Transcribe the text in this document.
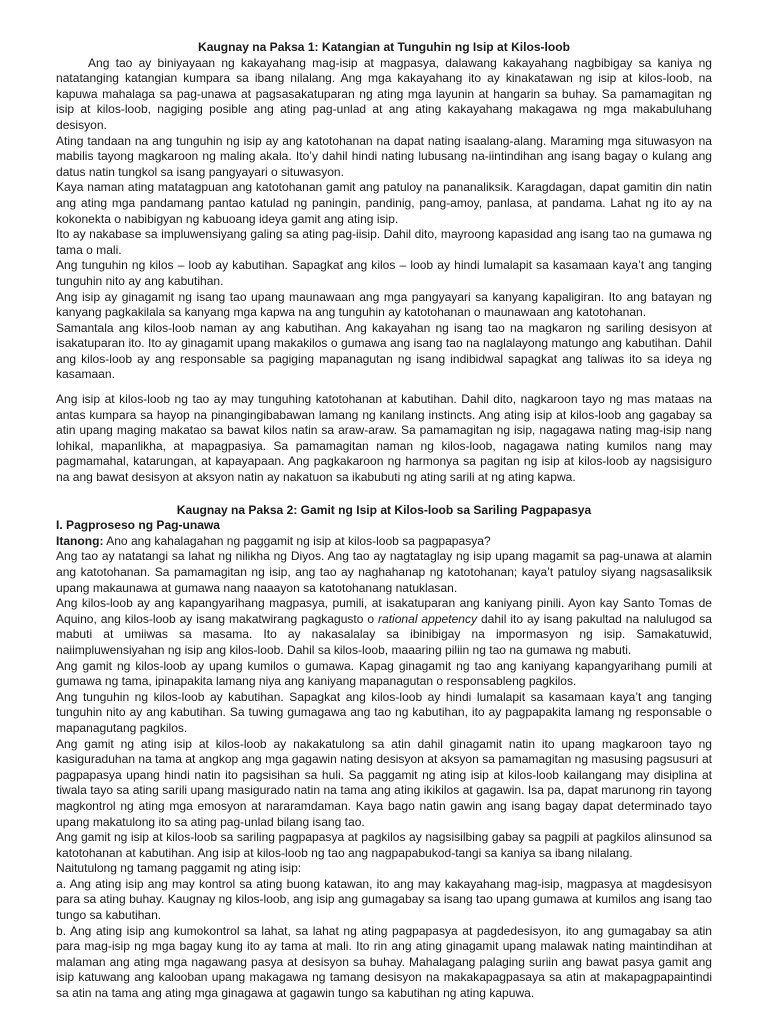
Kaugnay na Paksa 1: Katangian at Tunguhin ng Isip at Kilos-loob

Ang tao ay biniyayaan ng kakayahang mag-isip at magpasya, dalawang kakayahang nagbibigay sa kaniya ng natatanging katangian kumpara sa ibang nilalang. Ang mga kakayahang ito ay kinakatawan ng isip at kilos-loob, na kapuwa mahalaga sa pag-unawa at pagsasakatuparan ng ating mga layunin at hangarin sa buhay. Sa pamamagitan ng isip at kilos-loob, nagiging posible ang ating pag-unlad at ang ating kakayahang makagawa ng mga makabuluhang desisyon.

Ating tandaan na ang tunguhin ng isip ay ang katotohanan na dapat nating isaalang-alang. Maraming mga situwasyon na mabilis tayong magkaroon ng maling akala. Ito’y dahil hindi nating lubusang na-iintindihan ang isang bagay o kulang ang datus natin tungkol sa isang pangyayari o situwasyon.

Kaya naman ating matatagpuan ang katotohanan gamit ang patuloy na pananaliksik. Karagdagan, dapat gamitin din natin ang ating mga pandamang pantao katulad ng paningin, pandinig, pang-amoy, panlasa, at pandama. Lahat ng ito ay na kokonekta o nabibigyan ng kabuoang ideya gamit ang ating isip.

Ito ay nakabase sa impluwensiyang galing sa ating pag-iisip. Dahil dito, mayroong kapasidad ang isang tao na gumawa ng tama o mali.

Ang tunguhin ng kilos – loob ay kabutihan. Sapagkat ang kilos – loob ay hindi lumalapit sa kasamaan kaya’t ang tanging tunguhin nito ay ang kabutihan.

Ang isip ay ginagamit ng isang tao upang maunawaan ang mga pangyayari sa kanyang kapaligiran. Ito ang batayan ng kanyang pagkakilala sa kanyang mga kapwa na ang tunguhin ay katotohanan o maunawaan ang katotohanan.

Samantala ang kilos-loob naman ay ang kabutihan. Ang kakayahan ng isang tao na magkaron ng sariling desisyon at isakatuparan ito. Ito ay ginagamit upang makakilos o gumawa ang isang tao na naglalayong matungo ang kabutihan. Dahil ang kilos-loob ay ang responsable sa pagiging mapanagutan ng isang indibidwal sapagkat ang taliwas ito sa ideya ng kasamaan.

Ang isip at kilos-loob ng tao ay may tunguhing katotohanan at kabutihan. Dahil dito, nagkaroon tayo ng mas mataas na antas kumpara sa hayop na pinangingibabawan lamang ng kanilang instincts. Ang ating isip at kilos-loob ang gagabay sa atin upang maging makatao sa bawat kilos natin sa araw-araw. Sa pamamagitan ng isip, nagagawa nating mag-isip nang lohikal, mapanlikha, at mapagpasiya. Sa pamamagitan naman ng kilos-loob, nagagawa nating kumilos nang may pagmamahal, katarungan, at kapayapaan. Ang pagkakaroon ng harmonya sa pagitan ng isip at kilos-loob ay nagsisiguro na ang bawat desisyon at aksyon natin ay nakatuon sa ikabubuti ng ating sarili at ng ating kapwa.

Kaugnay na Paksa 2: Gamit ng Isip at Kilos-loob sa Sariling Pagpapasya

I. Pagproseso ng Pag-unawa

Itanong: Ano ang kahalagahan ng paggamit ng isip at kilos-loob sa pagpapasya?

Ang tao ay natatangi sa lahat ng nilikha ng Diyos. Ang tao ay nagtataglay ng isip upang magamit sa pag-unawa at alamin ang katotohanan. Sa pamamagitan ng isip, ang tao ay naghahanap ng katotohanan; kaya’t patuloy siyang nagsasaliksik upang makaunawa at gumawa nang naaayon sa katotohanang natuklasan.

Ang kilos-loob ay ang kapangyarihang magpasya, pumili, at isakatuparan ang kaniyang pinili. Ayon kay Santo Tomas de Aquino, ang kilos-loob ay isang makatwirang pagkagusto o rational appetency dahil ito ay isang pakultad na nalulugod sa mabuti at umiiwas sa masama. Ito ay nakasalalay sa ibinibigay na impormasyon ng isip. Samakatuwid, naiimpluwensiyahan ng isip ang kilos-loob. Dahil sa kilos-loob, maaaring piliin ng tao na gumawa ng mabuti.

Ang gamit ng kilos-loob ay upang kumilos o gumawa. Kapag ginagamit ng tao ang kaniyang kapangyarihang pumili at gumawa ng tama, ipinapakita lamang niya ang kaniyang mapanagutan o responsableng pagkilos.

Ang tunguhin ng kilos-loob ay kabutihan. Sapagkat ang kilos-loob ay hindi lumalapit sa kasamaan kaya’t ang tanging tunguhin nito ay ang kabutihan. Sa tuwing gumagawa ang tao ng kabutihan, ito ay pagpapakita lamang ng responsable o mapanagutang pagkilos.

Ang gamit ng ating isip at kilos-loob ay nakakatulong sa atin dahil ginagamit natin ito upang magkaroon tayo ng kasiguraduhan na tama at angkop ang mga gagawin nating desisyon at aksyon sa pamamagitan ng masusing pagsusuri at pagpapasya upang hindi natin ito pagsisihan sa huli. Sa paggamit ng ating isip at kilos-loob kailangang may disiplina at tiwala tayo sa ating sarili upang masigurado natin na tama ang ating ikikilos at gagawin. Isa pa, dapat marunong rin tayong magkontrol ng ating mga emosyon at nararamdaman. Kaya bago natin gawin ang isang bagay dapat determinado tayo upang makatulong ito sa ating pag-unlad bilang isang tao.

Ang gamit ng isip at kilos-loob sa sariling pagpapasya at pagkilos ay nagsisilbing gabay sa pagpili at pagkilos alinsunod sa katotohanan at kabutihan. Ang isip at kilos-loob ng tao ang nagpapabukod-tangi sa kaniya sa ibang nilalang.

Naitutulong ng tamang paggamit ng ating isip:

a. Ang ating isip ang may kontrol sa ating buong katawan, ito ang may kakayahang mag-isip, magpasya at magdesisyon para sa ating buhay. Kaugnay ng kilos-loob, ang isip ang gumagabay sa isang tao upang gumawa at kumilos ang isang tao tungo sa kabutihan.

b. Ang ating isip ang kumokontrol sa lahat, sa lahat ng ating pagpapasya at pagdedesisyon, ito ang gumagabay sa atin para mag-isip ng mga bagay kung ito ay tama at mali. Ito rin ang ating ginagamit upang malawak nating maintindihan at malaman ang ating mga nagawang pasya at desisyon sa buhay. Mahalagang palaging suriin ang bawat pasya gamit ang isip katuwang ang kalooban upang makagawa ng tamang desisyon na makakapagpasaya sa atin at makapagpapaintindi sa atin na tama ang ating mga ginagawa at gagawin tungo sa kabutihan ng ating kapuwa.
